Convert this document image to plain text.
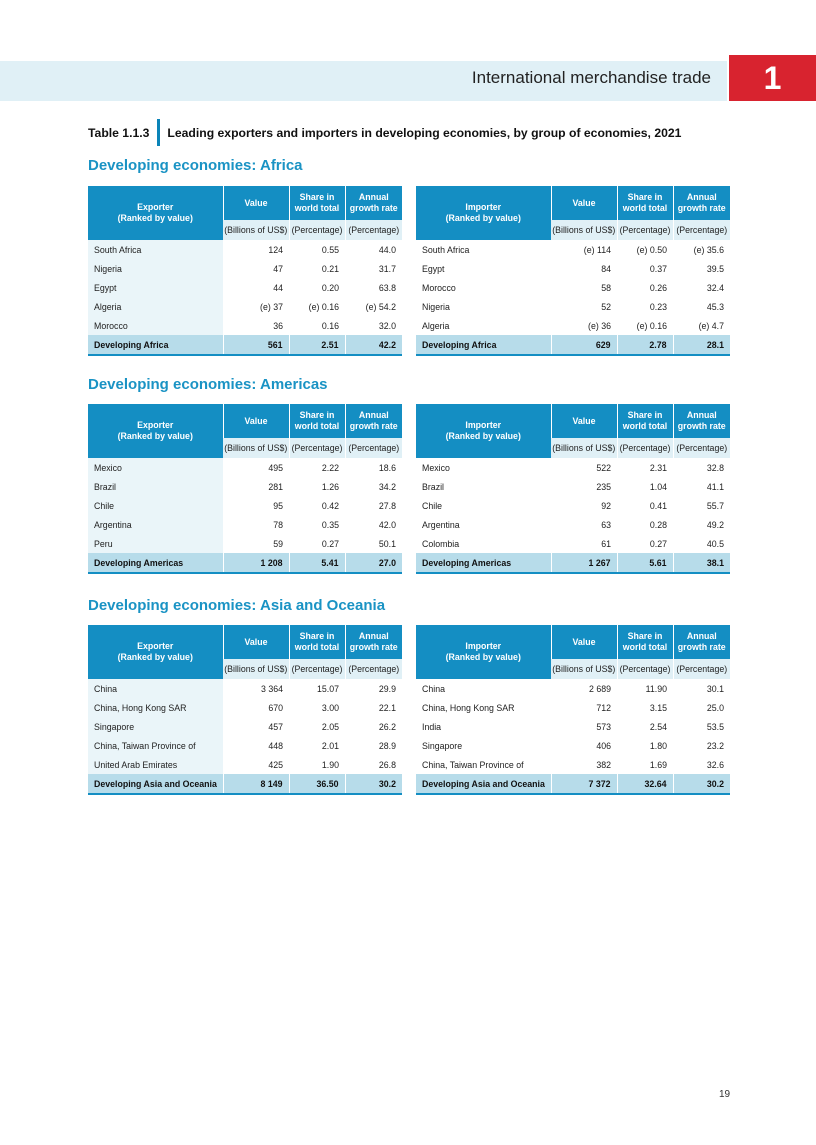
International merchandise trade	1
Table 1.1.3 Leading exporters and importers in developing economies, by group of economies, 2021
Developing economies: Africa
Exporter
(Ranked by value)	Value	Share in
world total	Annual
growth rate
	(Billions of US$)	(Percentage)	(Percentage)
South Africa	124	0.55	44.0
Nigeria	47	0.21	31.7
Egypt	44	0.20	63.8
Algeria	(e) 37	(e) 0.16	(e) 54.2
Morocco	36	0.16	32.0
Developing Africa	561	2.51	42.2
Importer
(Ranked by value)	Value	Share in
world total	Annual
growth rate
	(Billions of US$)	(Percentage)	(Percentage)
South Africa	(e) 114	(e) 0.50	(e) 35.6
Egypt	84	0.37	39.5
Morocco	58	0.26	32.4
Nigeria	52	0.23	45.3
Algeria	(e) 36	(e) 0.16	(e) 4.7
Developing Africa	629	2.78	28.1
Developing economies: Americas
Exporter
(Ranked by value)	Value	Share in
world total	Annual
growth rate
	(Billions of US$)	(Percentage)	(Percentage)
Mexico	495	2.22	18.6
Brazil	281	1.26	34.2
Chile	95	0.42	27.8
Argentina	78	0.35	42.0
Peru	59	0.27	50.1
Developing Americas	1 208	5.41	27.0
Importer
(Ranked by value)	Value	Share in
world total	Annual
growth rate
	(Billions of US$)	(Percentage)	(Percentage)
Mexico	522	2.31	32.8
Brazil	235	1.04	41.1
Chile	92	0.41	55.7
Argentina	63	0.28	49.2
Colombia	61	0.27	40.5
Developing Americas	1 267	5.61	38.1
Developing economies: Asia and Oceania
Exporter
(Ranked by value)	Value	Share in
world total	Annual
growth rate
	(Billions of US$)	(Percentage)	(Percentage)
China	3 364	15.07	29.9
China, Hong Kong SAR	670	3.00	22.1
Singapore	457	2.05	26.2
China, Taiwan Province of	448	2.01	28.9
United Arab Emirates	425	1.90	26.8
Developing Asia and Oceania	8 149	36.50	30.2
Importer
(Ranked by value)	Value	Share in
world total	Annual
growth rate
	(Billions of US$)	(Percentage)	(Percentage)
China	2 689	11.90	30.1
China, Hong Kong SAR	712	3.15	25.0
India	573	2.54	53.5
Singapore	406	1.80	23.2
China, Taiwan Province of	382	1.69	32.6
Developing Asia and Oceania	7 372	32.64	30.2
19
